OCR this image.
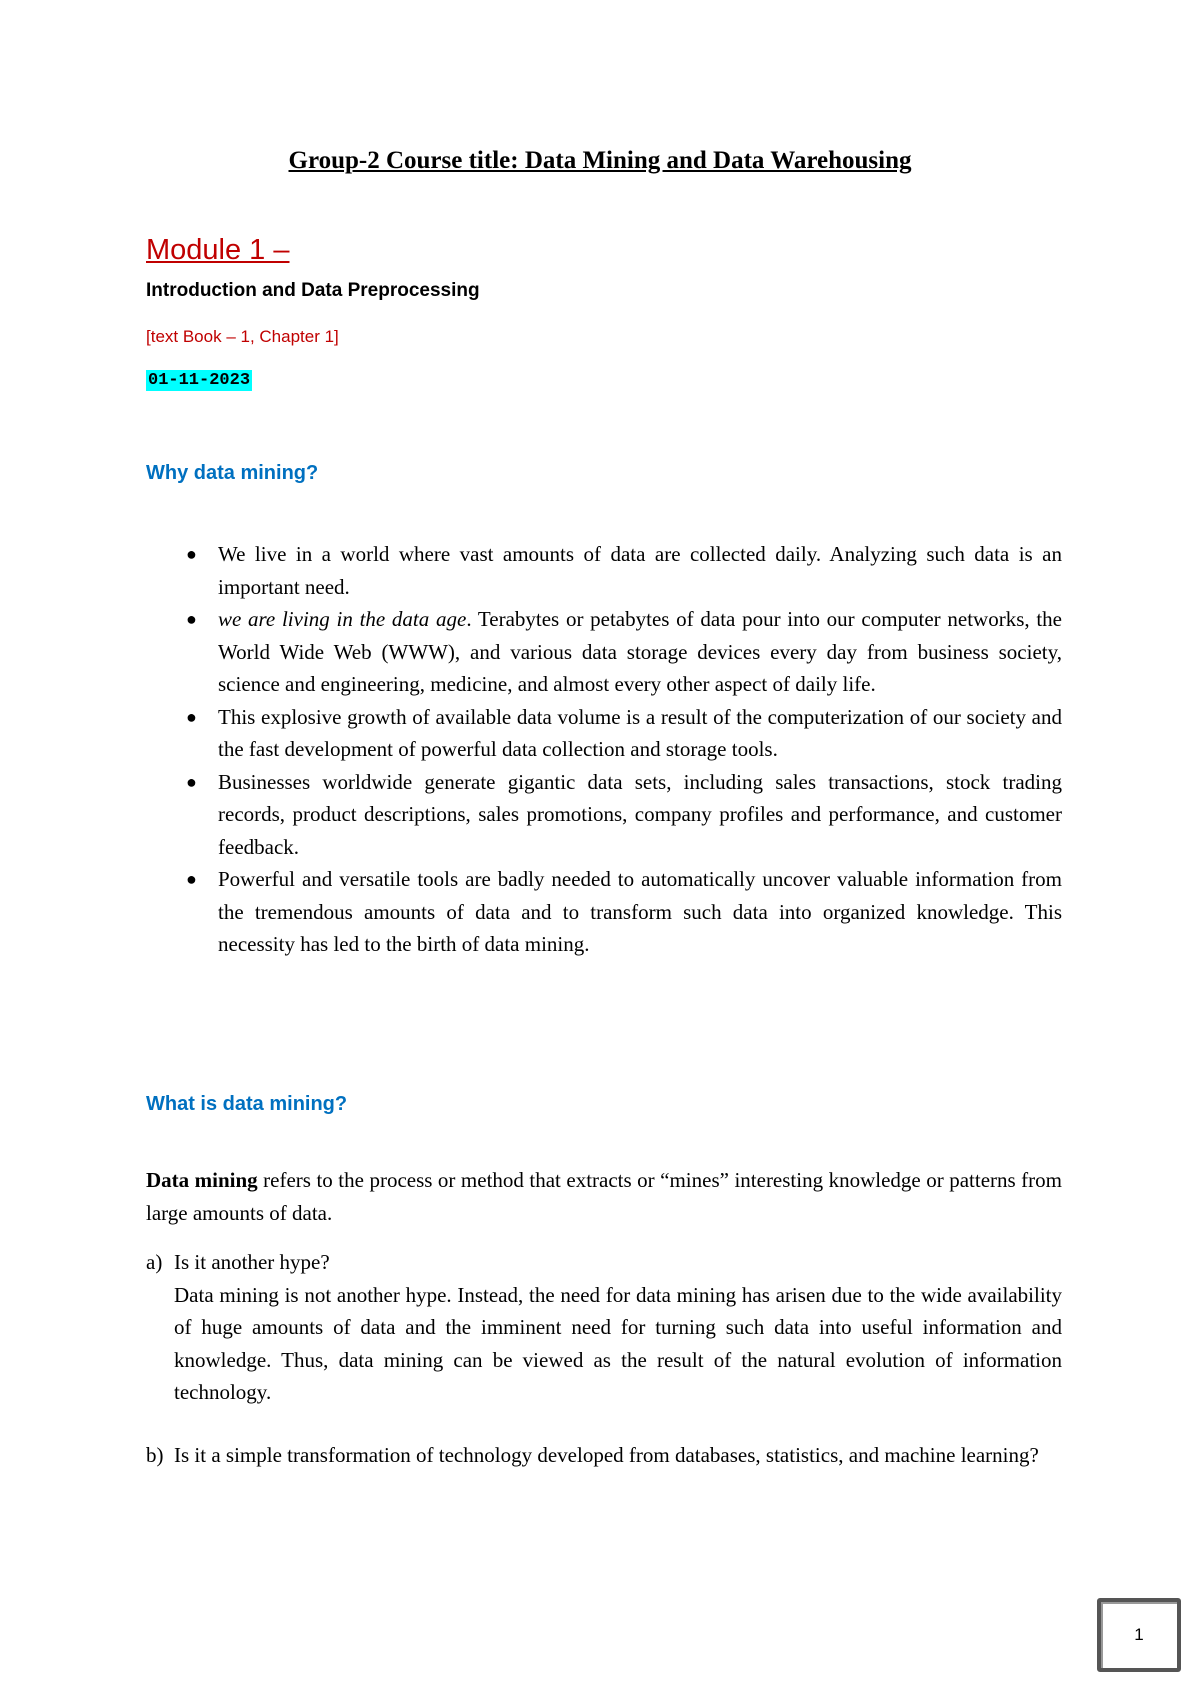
Group-2 Course title: Data Mining and Data Warehousing
Module 1 –
Introduction and Data Preprocessing
[text Book – 1, Chapter 1]
01-11-2023
Why data mining?
● We live in a world where vast amounts of data are collected daily. Analyzing such data is an important need.
● we are living in the data age. Terabytes or petabytes of data pour into our computer networks, the World Wide Web (WWW), and various data storage devices every day from business society, science and engineering, medicine, and almost every other aspect of daily life.
● This explosive growth of available data volume is a result of the computerization of our society and the fast development of powerful data collection and storage tools.
● Businesses worldwide generate gigantic data sets, including sales transactions, stock trading records, product descriptions, sales promotions, company profiles and performance, and customer feedback.
● Powerful and versatile tools are badly needed to automatically uncover valuable information from the tremendous amounts of data and to transform such data into organized knowledge. This necessity has led to the birth of data mining.
What is data mining?

Data mining refers to the process or method that extracts or “mines” interesting knowledge or patterns from large amounts of data.

a) Is it another hype?
Data mining is not another hype. Instead, the need for data mining has arisen due to the wide availability of huge amounts of data and the imminent need for turning such data into useful information and knowledge. Thus, data mining can be viewed as the result of the natural evolution of information technology.
b) Is it a simple transformation of technology developed from databases, statistics, and machine learning?
1
